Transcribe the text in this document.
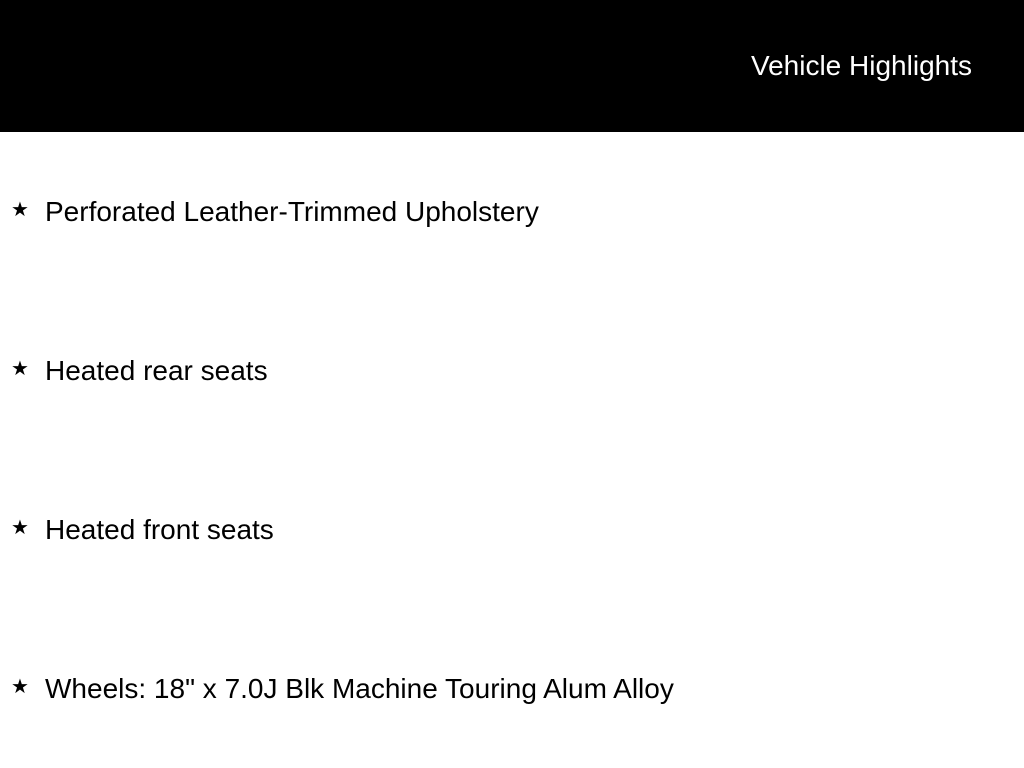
Vehicle Highlights
★ Perforated Leather-Trimmed Upholstery
★ Heated rear seats
★ Heated front seats
★ Wheels: 18" x 7.0J Blk Machine Touring Alum Alloy
